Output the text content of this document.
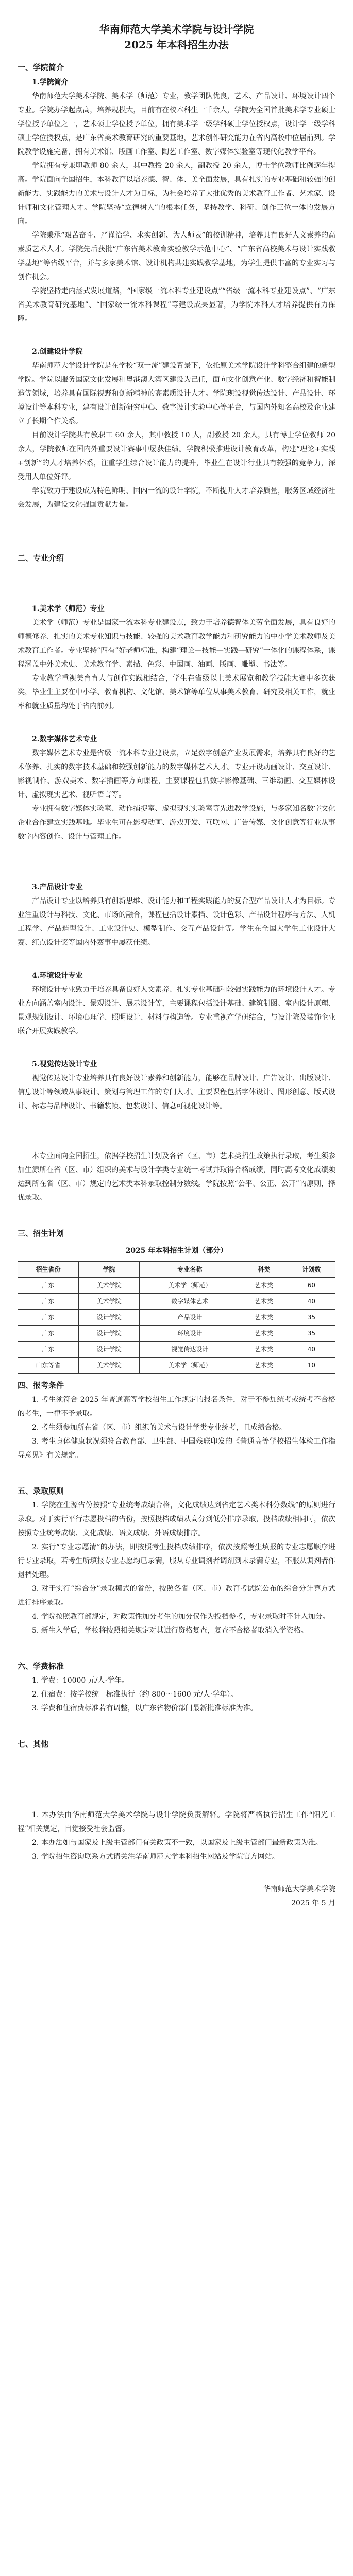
华南师范大学美术学院与设计学院
2025 年本科招生办法
一、学院简介
1.学院简介

华南师范大学美术学院、美术学（师范）专业，教学团队优良，艺术、产品设计、环境设计四个专业。学院办学起点高，培养规模大，目前有在校本科生一千余人，学院为全国首批美术学专业硕士学位授予单位之一，艺术硕士学位授予单位，拥有美术学一级学科硕士学位授权点，设计学一级学科硕士学位授权点，是广东省美术教育研究的重要基地，艺术创作研究能力在省内高校中位居前列。学院教学设施完备，拥有美术馆、版画工作室、陶艺工作室、数字媒体实验室等现代化教学平台。

学院拥有专兼职教师 80 余人，其中教授 20 余人，副教授 20 余人，博士学位教师比例逐年提高。学院面向全国招生，本科教育以培养德、智、体、美全面发展，具有扎实的专业基础和较强的创新能力、实践能力的美术与设计人才为目标，为社会培养了大批优秀的美术教育工作者、艺术家、设计师和文化管理人才。学院坚持“立德树人”的根本任务，坚持教学、科研、创作三位一体的发展方向。

学院秉承“艰苦奋斗、严谨治学、求实创新、为人师表”的校训精神，培养具有良好人文素养的高素质艺术人才。学院先后获批“广东省美术教育实验教学示范中心”、“广东省高校美术与设计实践教学基地”等省级平台，并与多家美术馆、设计机构共建实践教学基地，为学生提供丰富的专业实习与创作机会。

学院坚持走内涵式发展道路，“国家级一流本科专业建设点”“省级一流本科专业建设点”、“广东省美术教育研究基地”、“国家级一流本科课程”等建设成果显著，为学院本科人才培养提供有力保障。

2.创建设计学院

华南师范大学设计学院是在学校“双一流”建设背景下，依托原美术学院设计学科整合组建的新型学院。学院以服务国家文化发展和粤港澳大湾区建设为己任，面向文化创意产业、数字经济和智能制造等领域，培养具有国际视野和创新精神的高素质设计人才。学院现设视觉传达设计、产品设计、环境设计等本科专业，建有设计创新研究中心、数字设计实验中心等平台，与国内外知名高校及企业建立了长期合作关系。

目前设计学院共有教职工 60 余人，其中教授 10 人，副教授 20 余人，具有博士学位教师 20 余人，学院教师在国内外重要设计赛事中屡获佳绩。学院积极推进设计教育改革，构建“理论+实践+创新”的人才培养体系，注重学生综合设计能力的提升，毕业生在设计行业具有较强的竞争力，深受用人单位好评。

学院致力于建设成为特色鲜明、国内一流的设计学院，不断提升人才培养质量，服务区域经济社会发展，为建设文化强国贡献力量。

二、专业介绍
1.美术学（师范）专业

美术学（师范）专业是国家一流本科专业建设点，致力于培养德智体美劳全面发展，具有良好的师德修养、扎实的美术专业知识与技能、较强的美术教育教学能力和研究能力的中小学美术教师及美术教育工作者。专业坚持“四有”好老师标准，构建“理论—技能—实践—研究”一体化的课程体系，课程涵盖中外美术史、美术教育学、素描、色彩、中国画、油画、版画、雕塑、书法等。

专业教学重视美育育人与创作实践相结合，学生在省级以上美术展览和教学技能大赛中多次获奖，毕业生主要在中小学、教育机构、文化馆、美术馆等单位从事美术教育、研究及相关工作，就业率和就业质量均处于省内前列。

2.数字媒体艺术专业

数字媒体艺术专业是省级一流本科专业建设点，立足数字创意产业发展需求，培养具有良好的艺术修养、扎实的数字技术基础和较强创新能力的数字媒体艺术人才。专业开设动画设计、交互设计、影视制作、游戏美术、数字插画等方向课程，主要课程包括数字影像基础、三维动画、交互媒体设计、虚拟现实艺术、视听语言等。

专业拥有数字媒体实验室、动作捕捉室、虚拟现实实验室等先进教学设施，与多家知名数字文化企业合作建立实践基地。毕业生可在影视动画、游戏开发、互联网、广告传媒、文化创意等行业从事数字内容创作、设计与管理工作。

3.产品设计专业

产品设计专业以培养具有创新思维、设计能力和工程实践能力的复合型产品设计人才为目标。专业注重设计与科技、文化、市场的融合，课程包括设计素描、设计色彩、产品设计程序与方法、人机工程学、产品造型设计、工业设计史、模型制作、交互产品设计等。学生在全国大学生工业设计大赛、红点设计奖等国内外赛事中屡获佳绩。

4.环境设计专业

环境设计专业致力于培养具备良好人文素养、扎实专业基础和较强实践能力的环境设计人才。专业方向涵盖室内设计、景观设计、展示设计等，主要课程包括设计基础、建筑制图、室内设计原理、景观规划设计、环境心理学、照明设计、材料与构造等。专业重视产学研结合，与设计院及装饰企业联合开展实践教学。

5.视觉传达设计专业

视觉传达设计专业培养具有良好设计素养和创新能力，能够在品牌设计、广告设计、出版设计、信息设计等领域从事设计、策划与管理工作的专门人才。主要课程包括字体设计、图形创意、版式设计、标志与品牌设计、书籍装帧、包装设计、信息可视化设计等。

本专业面向全国招生，依据学校招生计划及各省（区、市）艺术类招生政策执行录取，考生须参加生源所在省（区、市）组织的美术与设计学类专业统一考试并取得合格成绩，同时高考文化成绩须达到所在省（区、市）规定的艺术类本科录取控制分数线。学院按照“公平、公正、公开”的原则，择优录取。

三、招生计划
2025 年本科招生计划（部分）
招生省份	学院	专业名称	科类	计划数
广东	美术学院	美术学（师范）	艺术类	60
广东	美术学院	数字媒体艺术	艺术类	40
广东	设计学院	产品设计	艺术类	35
广东	设计学院	环境设计	艺术类	35
广东	设计学院	视觉传达设计	艺术类	40
山东等省	美术学院	美术学（师范）	艺术类	10
四、报考条件

1. 考生须符合 2025 年普通高等学校招生工作规定的报名条件，对于不参加统考或统考不合格的考生，一律不予录取。

2. 考生须参加所在省（区、市）组织的美术与设计学类专业统考，且成绩合格。

3. 考生身体健康状况须符合教育部、卫生部、中国残联印发的《普通高等学校招生体检工作指导意见》有关规定。

五、录取原则

1. 学院在生源省份按照“专业统考成绩合格，文化成绩达到省定艺术类本科分数线”的原则进行录取。对于实行平行志愿投档的省份，按照投档成绩从高分到低分排序录取，投档成绩相同时，依次按照专业统考成绩、文化成绩、语文成绩、外语成绩排序。

2. 实行“专业志愿清”的办法，即按照考生投档成绩排序，依次按照考生填报的专业志愿顺序进行专业录取，若考生所填报专业志愿均已录满，服从专业调剂者调剂到未录满专业，不服从调剂者作退档处理。

3. 对于实行“综合分”录取模式的省份，按照各省（区、市）教育考试院公布的综合分计算方式进行排序录取。

4. 学院按照教育部规定，对政策性加分考生的加分仅作为投档参考，专业录取时不计入加分。

5. 新生入学后，学校将按照相关规定对其进行资格复查，复查不合格者取消入学资格。

六、学费标准

1. 学费：10000 元/人·学年。

2. 住宿费：按学校统一标准执行（约 800～1600 元/人·学年）。

3. 学费和住宿费标准若有调整，以广东省物价部门最新批准标准为准。

七、其他

1. 本办法由华南师范大学美术学院与设计学院负责解释。学院将严格执行招生工作“阳光工程”相关规定，自觉接受社会监督。

2. 本办法如与国家及上级主管部门有关政策不一致，以国家及上级主管部门最新政策为准。

3. 学院招生咨询联系方式请关注华南师范大学本科招生网站及学院官方网站。

华南师范大学美术学院

2025 年 5 月
